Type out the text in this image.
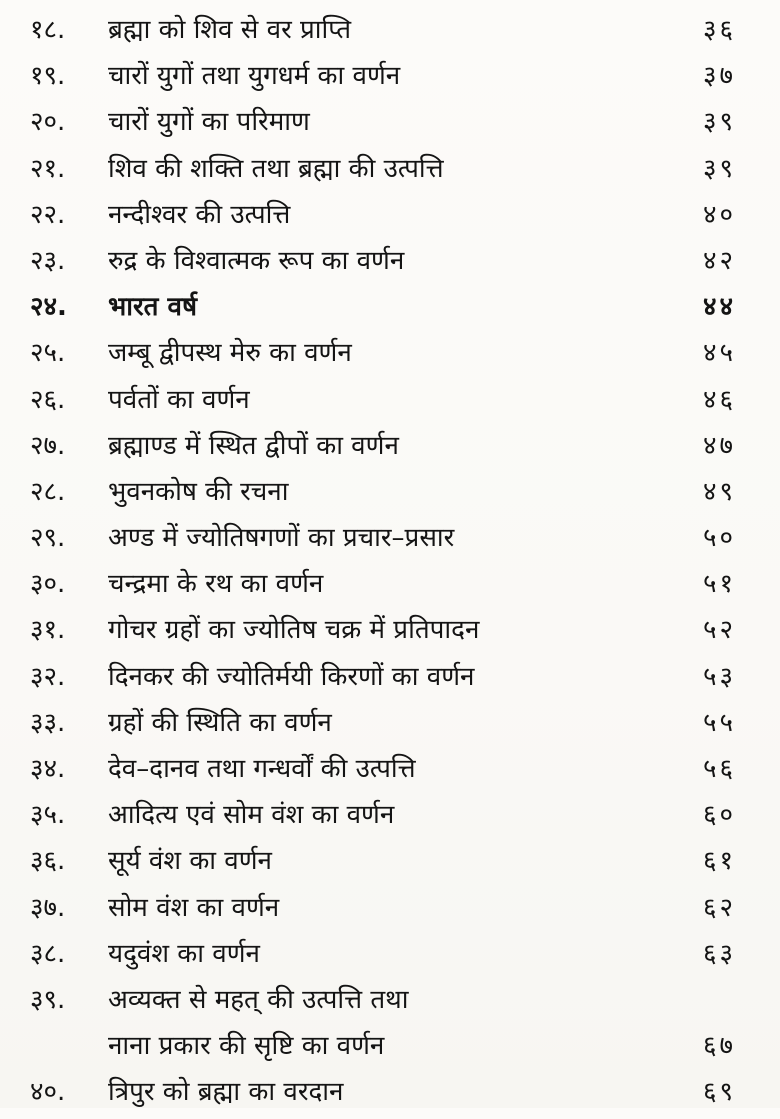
१८.	ब्रह्मा को शिव से वर प्राप्ति	३६
१९.	चारों युगों तथा युगधर्म का वर्णन	३७
२०.	चारों युगों का परिमाण	३९
२१.	शिव की शक्ति तथा ब्रह्मा की उत्पत्ति	३९
२२.	नन्दीश्वर की उत्पत्ति	४०
२३.	रुद्र के विश्वात्मक रूप का वर्णन	४२
२४.	भारत वर्ष	४४
२५.	जम्बू द्वीपस्थ मेरु का वर्णन	४५
२६.	पर्वतों का वर्णन	४६
२७.	ब्रह्माण्ड में स्थित द्वीपों का वर्णन	४७
२८.	भुवनकोष की रचना	४९
२९.	अण्ड में ज्योतिषगणों का प्रचार–प्रसार	५०
३०.	चन्द्रमा के रथ का वर्णन	५१
३१.	गोचर ग्रहों का ज्योतिष चक्र में प्रतिपादन	५२
३२.	दिनकर की ज्योतिर्मयी किरणों का वर्णन	५३
३३.	ग्रहों की स्थिति का वर्णन	५५
३४.	देव–दानव तथा गन्धर्वों की उत्पत्ति	५६
३५.	आदित्य एवं सोम वंश का वर्णन	६०
३६.	सूर्य वंश का वर्णन	६१
३७.	सोम वंश का वर्णन	६२
३८.	यदुवंश का वर्णन	६३
३९.	अव्यक्त से महत् की उत्पत्ति तथा
नाना प्रकार की सृष्टि का वर्णन	६७
४०.	त्रिपुर को ब्रह्मा का वरदान	६९
